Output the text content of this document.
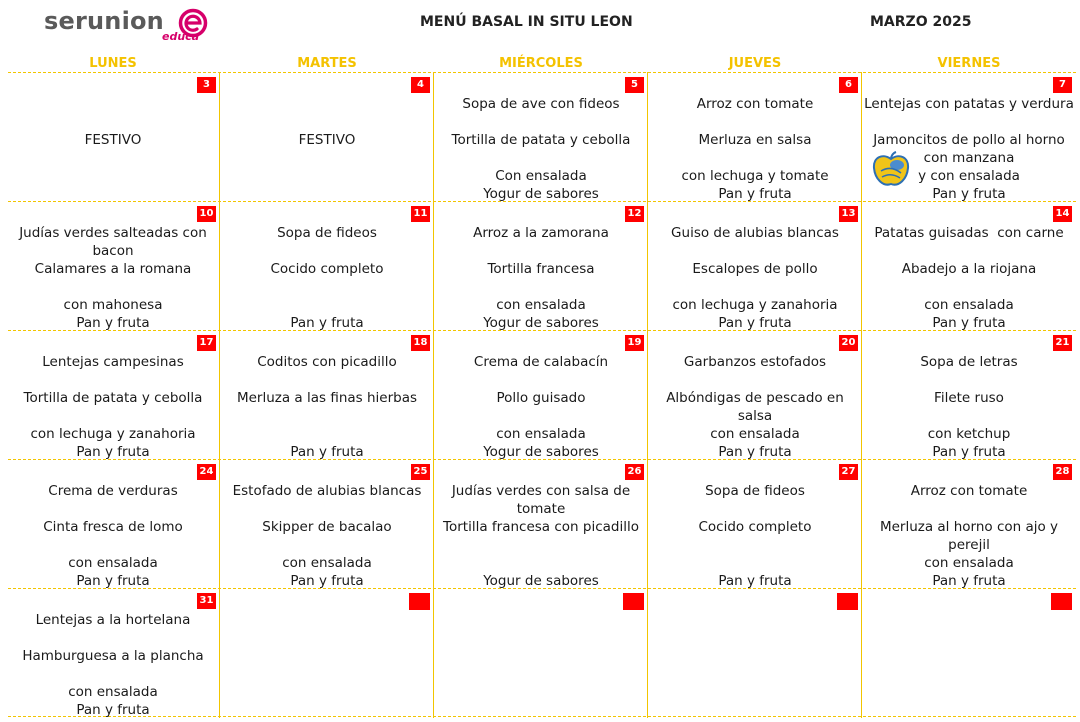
serunion
educa
MENÚ BASAL IN SITU LEON	MARZO 2025
LUNES	MARTES	MIÉRCOLES	JUEVES	VIERNES
3
FESTIVO
4
FESTIVO
5
Sopa de ave con fideos
Tortilla de patata y cebolla
Con ensalada
Yogur de sabores
6
Arroz con tomate
Merluza en salsa
con lechuga y tomate
Pan y fruta
7
Lentejas con patatas y verdura
Jamoncitos de pollo al horno
con manzana
y con ensalada
Pan y fruta
10
Judías verdes salteadas con bacon
Calamares a la romana
con mahonesa
Pan y fruta
11
Sopa de fideos
Cocido completo
Pan y fruta
12
Arroz a la zamorana
Tortilla francesa
con ensalada
Yogur de sabores
13
Guiso de alubias blancas
Escalopes de pollo
con lechuga y zanahoria
Pan y fruta
14
Patatas guisadas  con carne
Abadejo a la riojana
con ensalada
Pan y fruta
17
Lentejas campesinas
Tortilla de patata y cebolla
con lechuga y zanahoria
Pan y fruta
18
Coditos con picadillo
Merluza a las finas hierbas
Pan y fruta
19
Crema de calabacín
Pollo guisado
con ensalada
Yogur de sabores
20
Garbanzos estofados
Albóndigas de pescado en salsa
con ensalada
Pan y fruta
21
Sopa de letras
Filete ruso
con ketchup
Pan y fruta
24
Crema de verduras
Cinta fresca de lomo
con ensalada
Pan y fruta
25
Estofado de alubias blancas
Skipper de bacalao
con ensalada
Pan y fruta
26
Judías verdes con salsa de tomate
Tortilla francesa con picadillo
Yogur de sabores
27
Sopa de fideos
Cocido completo
Pan y fruta
28
Arroz con tomate
Merluza al horno con ajo y perejil
con ensalada
Pan y fruta
31
Lentejas a la hortelana
Hamburguesa a la plancha
con ensalada
Pan y fruta
